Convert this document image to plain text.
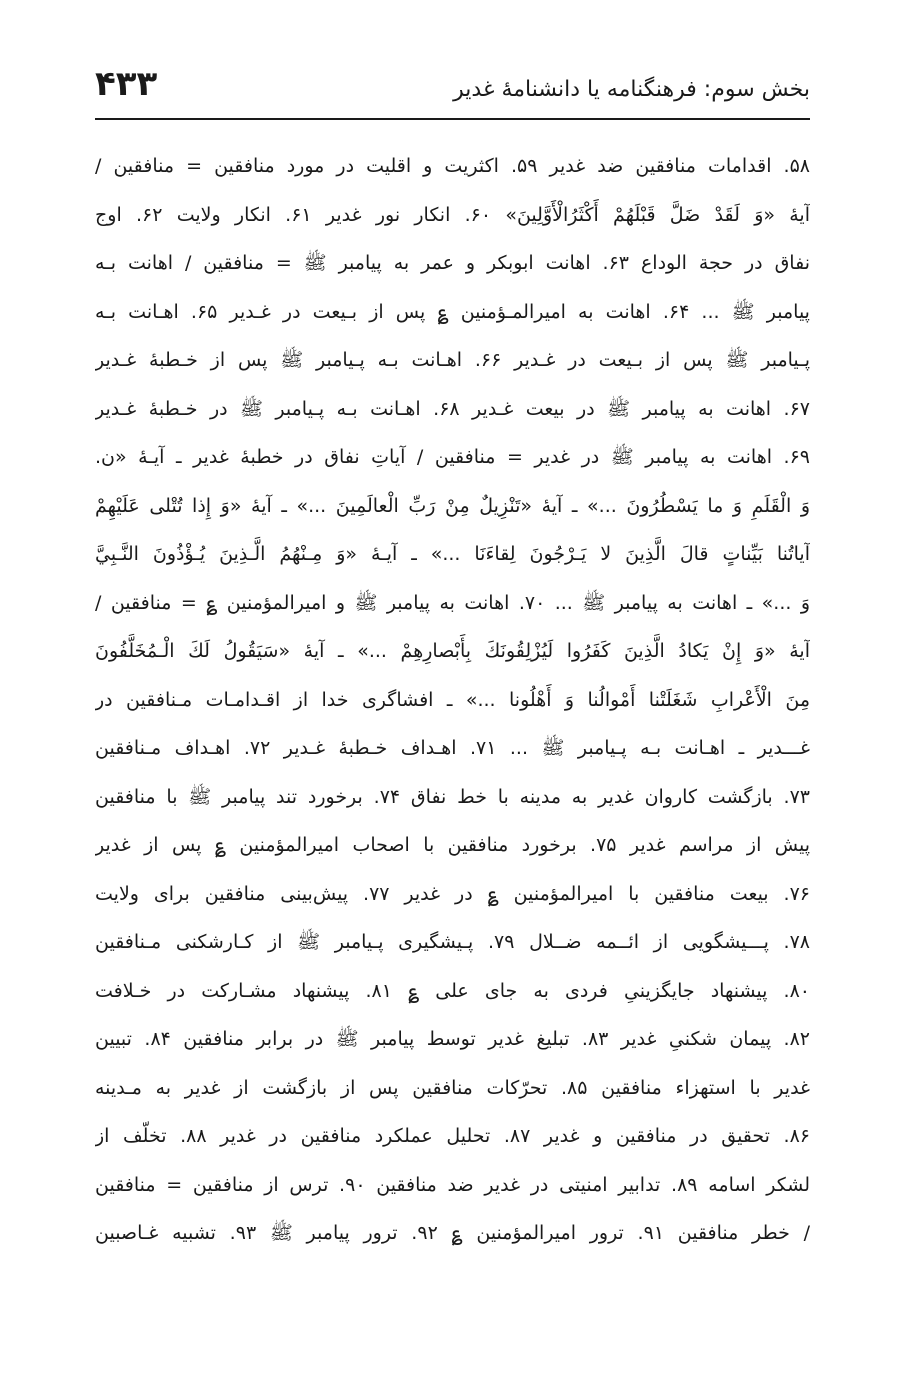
بخش سوم: فرهنگنامه یا دانشنامهٔ غدیر
۴۳۳
۵۸. اقدامات منافقین ضد غدیر ۵۹. اکثریت و اقلیت در مورد منافقین = منافقین /
آیهٔ «وَ لَقَدْ ضَلَّ قَبْلَهُمْ أَكْثَرُالْأَوَّلِينَ» ۶۰. انکار نور غدیر ۶۱. انکار ولایت ۶۲. اوج
نفاق در حجة الوداع ۶۳. اهانت ابوبکر و عمر به پیامبر ﷺ = منافقین / اهانت بـه
پیامبر ﷺ ... ۶۴. اهانت به امیرالمـؤمنین ؏ پس از بـیعت در غـدیر ۶۵. اهـانت بـه
پـیامبر ﷺ پس از بـیعت در غـدیر ۶۶. اهـانت بـه پـیامبر ﷺ پس از خـطبهٔ غـدیر
۶۷. اهانت به پیامبر ﷺ در بیعت غـدیر ۶۸. اهـانت بـه پـیامبر ﷺ در خـطبهٔ غـدیر
۶۹. اهانت به پیامبر ﷺ در غدیر = منافقین / آیاتِ نفاق در خطبهٔ غدیر ـ آیـهٔ «ن.
وَ الْقَلَمِ وَ ما يَسْطُرُونَ ...» ـ آيهٔ «تَنْزِيلٌ مِنْ رَبِّ الْعالَمِينَ ...» ـ آيهٔ «وَ إِذا تُتْلى عَلَيْهِمْ
آياتُنا بَيِّناتٍ قالَ الَّذِينَ لا يَـرْجُونَ لِقاءَنَا ...» ـ آيـهٔ «وَ مِـنْهُمُ الَّـذِينَ يُـؤْذُونَ النَّـبِيَّ
وَ ...» ـ اهانت به پیامبر ﷺ ... ۷۰. اهانت به پیامبر ﷺ و امیرالمؤمنین ؏ = منافقین /
آيهٔ «وَ إِنْ يَكادُ الَّذِينَ كَفَرُوا لَيُزْلِقُونَكَ بِأَبْصارِهِمْ ...» ـ آيهٔ «سَيَقُولُ لَكَ الْـمُخَلَّفُونَ
مِنَ الْأَعْرابِ شَغَلَتْنا أَمْوالُنا وَ أَهْلُونا ...» ـ افشاگری خدا از اقـدامـات مـنافقین در
غـــدیر ـ اهـانت بـه پـیامبر ﷺ ... ۷۱. اهـداف خـطبهٔ غـدیر ۷۲. اهـداف مـنافقین
۷۳. بازگشت کاروان غدیر به مدینه با خط نفاق ۷۴. برخورد تند پیامبر ﷺ با منافقین
پیش از مراسم غدیر ۷۵. برخورد منافقین با اصحاب امیرالمؤمنین ؏ پس از غدیر
۷۶. بیعت منافقین با امیرالمؤمنین ؏ در غدیر ۷۷. پیش‌بینی منافقین برای ولایت
۷۸. پـــیشگویی از ائــمه ضــلال ۷۹. پـیشگیری پـیامبر ﷺ از کـارشکنی مـنافقین
۸۰. پیشنهاد جایگزینیِ فردی به جای علی ؏ ۸۱. پیشنهاد مشـارکت در خـلافت
۸۲. پیمان شکنیِ غدیر ۸۳. تبلیغ غدیر توسط پیامبر ﷺ در برابر منافقین ۸۴. تبیین
غدیر با استهزاء منافقین ۸۵. تحرّکات منافقین پس از بازگشت از غدیر به مـدینه
۸۶. تحقیق در منافقین و غدیر ۸۷. تحلیل عملکرد منافقین در غدیر ۸۸. تخلّف از
لشکر اسامه ۸۹. تدابیر امنیتی در غدیر ضد منافقین ۹۰. ترس از منافقین = منافقین
/ خطر منافقین ۹۱. ترور امیرالمؤمنین ؏ ۹۲. ترور پیامبر ﷺ ۹۳. تشبیه غـاصبین
